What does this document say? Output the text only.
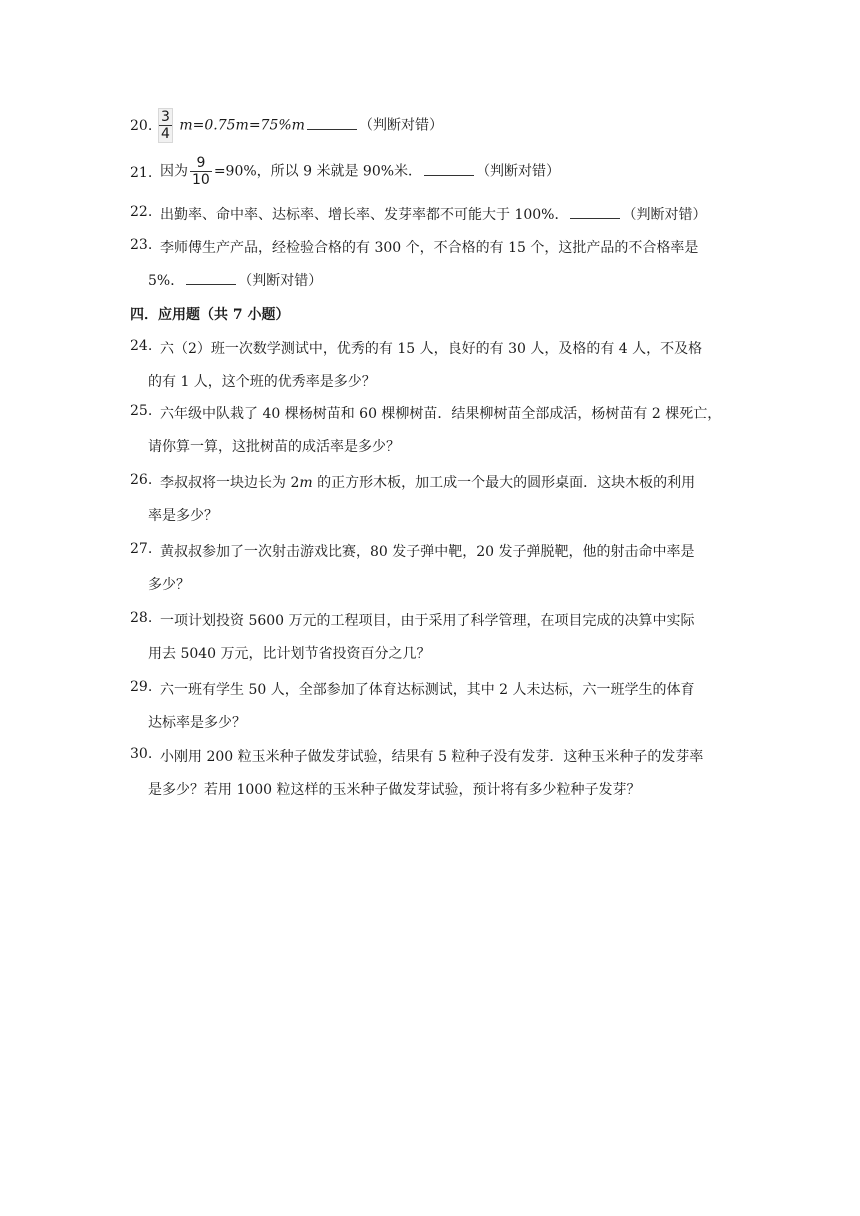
20. $\frac{3}{4} m=0.75m=75\%m$	（判断对错）
21. 因为 $\frac{9}{10} =90\%$，所以 9 米就是 90%米．	（判断对错）
22. 出勤率、命中率、达标率、增长率、发芽率都不可能大于 100%．	（判断对错）
23. 李师傅生产产品，经检验合格的有 300 个，不合格的有 15 个，这批产品的不合格率是
5%．	（判断对错）
四．应用题（共 7 小题）
24. 六（2）班一次数学测试中，优秀的有 15 人，良好的有 30 人，及格的有 4 人，不及格
的有 1 人，这个班的优秀率是多少？
25. 六年级中队栽了 40 棵杨树苗和 60 棵柳树苗．结果柳树苗全部成活，杨树苗有 2 棵死亡，
请你算一算，这批树苗的成活率是多少？
26. 李叔叔将一块边长为 2m 的正方形木板，加工成一个最大的圆形桌面．这块木板的利用
率是多少？
27. 黄叔叔参加了一次射击游戏比赛，80 发子弹中靶，20 发子弹脱靶，他的射击命中率是
多少？
28. 一项计划投资 5600 万元的工程项目，由于采用了科学管理，在项目完成的决算中实际
用去 5040 万元，比计划节省投资百分之几？
29. 六一班有学生 50 人，全部参加了体育达标测试，其中 2 人未达标，六一班学生的体育
达标率是多少？
30. 小刚用 200 粒玉米种子做发芽试验，结果有 5 粒种子没有发芽．这种玉米种子的发芽率
是多少？若用 1000 粒这样的玉米种子做发芽试验，预计将有多少粒种子发芽？
